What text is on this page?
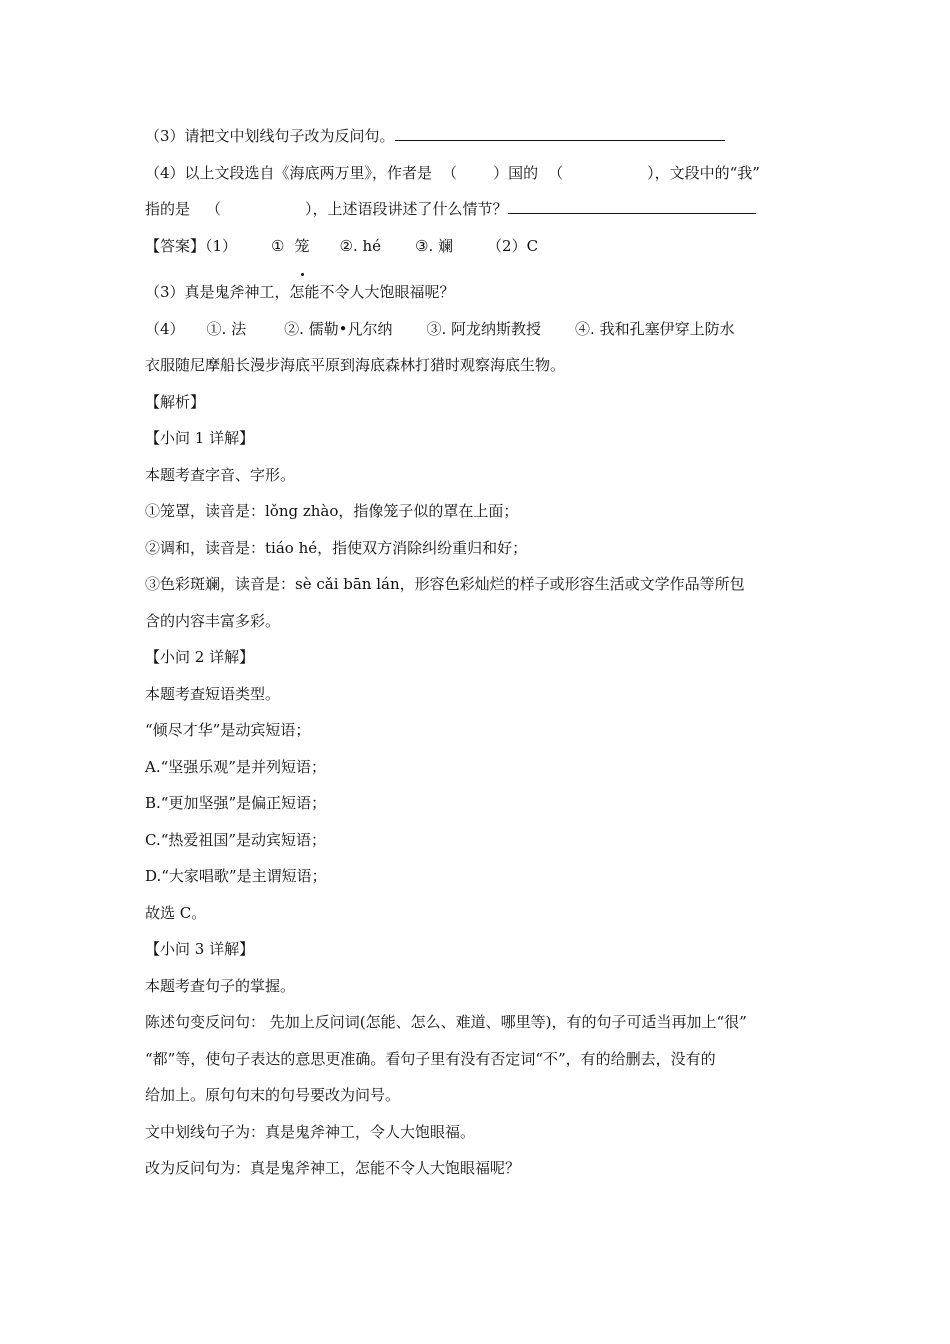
（3）请把文中划线句子改为反问句。
（4）以上文段选自《海底两万里》，作者是 （ ）国的 （	），文段中的“我”
指的是 （	），上述语段讲述了什么情节？
【答案】（1） ① 笼 ②. hé ③. 斓 （2）C
（3）真是鬼斧神工，怎能不令人大饱眼福呢？
（4） ①. 法	②. 儒勒•凡尔纳 ③. 阿龙纳斯教授 ④. 我和孔塞伊穿上防水
衣服随尼摩船长漫步海底平原到海底森林打猎时观察海底生物。
【解析】
【小问 1 详解】
本题考查字音、字形。
①笼罩，读音是：lǒng zhào，指像笼子似的罩在上面；
②调和，读音是：tiáo hé，指使双方消除纠纷重归和好；
③色彩斑斓，读音是：sè cǎi bān lán，形容色彩灿烂的样子或形容生活或文学作品等所包
含的内容丰富多彩。
【小问 2 详解】
本题考查短语类型。
“倾尽才华”是动宾短语；
A.“坚强乐观”是并列短语；
B.“更加坚强”是偏正短语；
C.“热爱祖国”是动宾短语；
D.“大家唱歌”是主谓短语；
故选 C。
【小问 3 详解】
本题考查句子的掌握。
陈述句变反问句： 先加上反问词(怎能、怎么、难道、哪里等)，有的句子可适当再加上“很”
“都”等，使句子表达的意思更准确。看句子里有没有否定词“不”，有的给删去，没有的
给加上。原句句末的句号要改为问号。
文中划线句子为：真是鬼斧神工，令人大饱眼福。
改为反问句为：真是鬼斧神工，怎能不令人大饱眼福呢？
